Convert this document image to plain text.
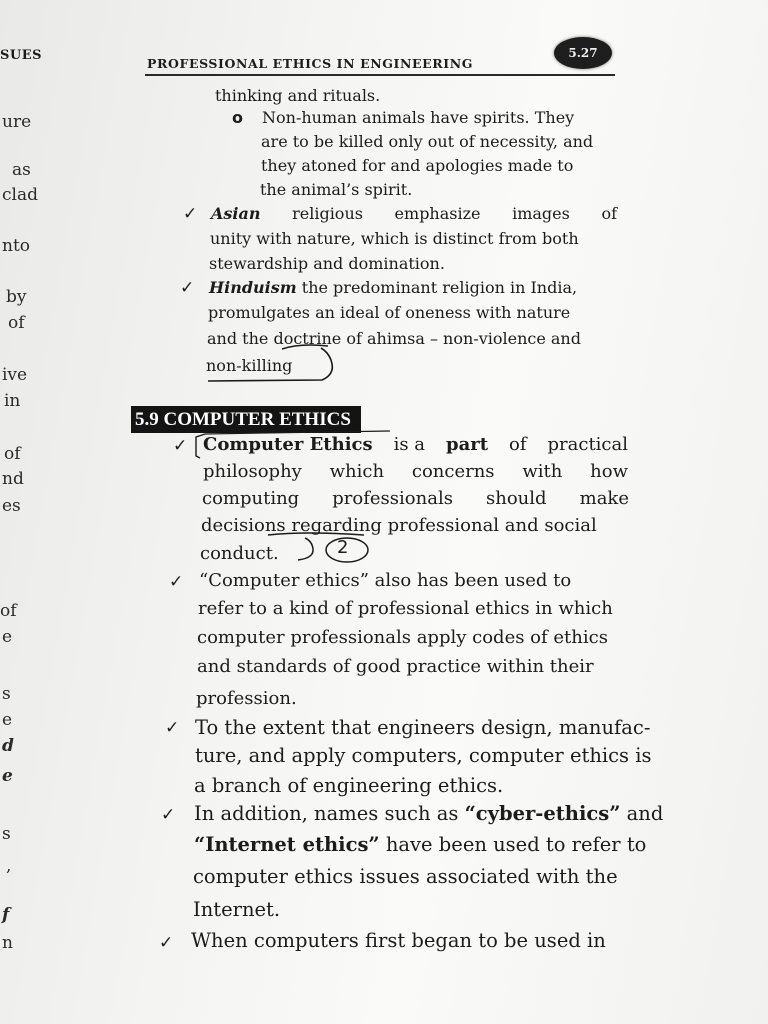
SUES
PROFESSIONAL ETHICS IN ENGINEERING
5.27
ure
as
clad
nto
by
of
ive
in
of
nd
es
of
e
s
e
d
e
s
,
f
n
thinking and rituals.
o Non-human animals have spirits. They
are to be killed only out of necessity, and
they atoned for and apologies made to
the animal’s spirit.
✓ Asian religious emphasize images of
unity with nature, which is distinct from both
stewardship and domination.
✓ Hinduism the predominant religion in India,
promulgates an ideal of oneness with nature
and the doctrine of ahimsa – non-violence and
non-killing
5.9 COMPUTER ETHICS
✓ Computer Ethics is a part of practical
philosophy which concerns with how
computing professionals should make
decisions regarding professional and social
conduct.
✓ “Computer ethics” also has been used to
refer to a kind of professional ethics in which
computer professionals apply codes of ethics
and standards of good practice within their
profession.
✓ To the extent that engineers design, manufac-
ture, and apply computers, computer ethics is
a branch of engineering ethics.
✓ In addition, names such as “cyber-ethics” and
“Internet ethics” have been used to refer to
computer ethics issues associated with the
Internet.
✓ When computers first began to be used in
2
